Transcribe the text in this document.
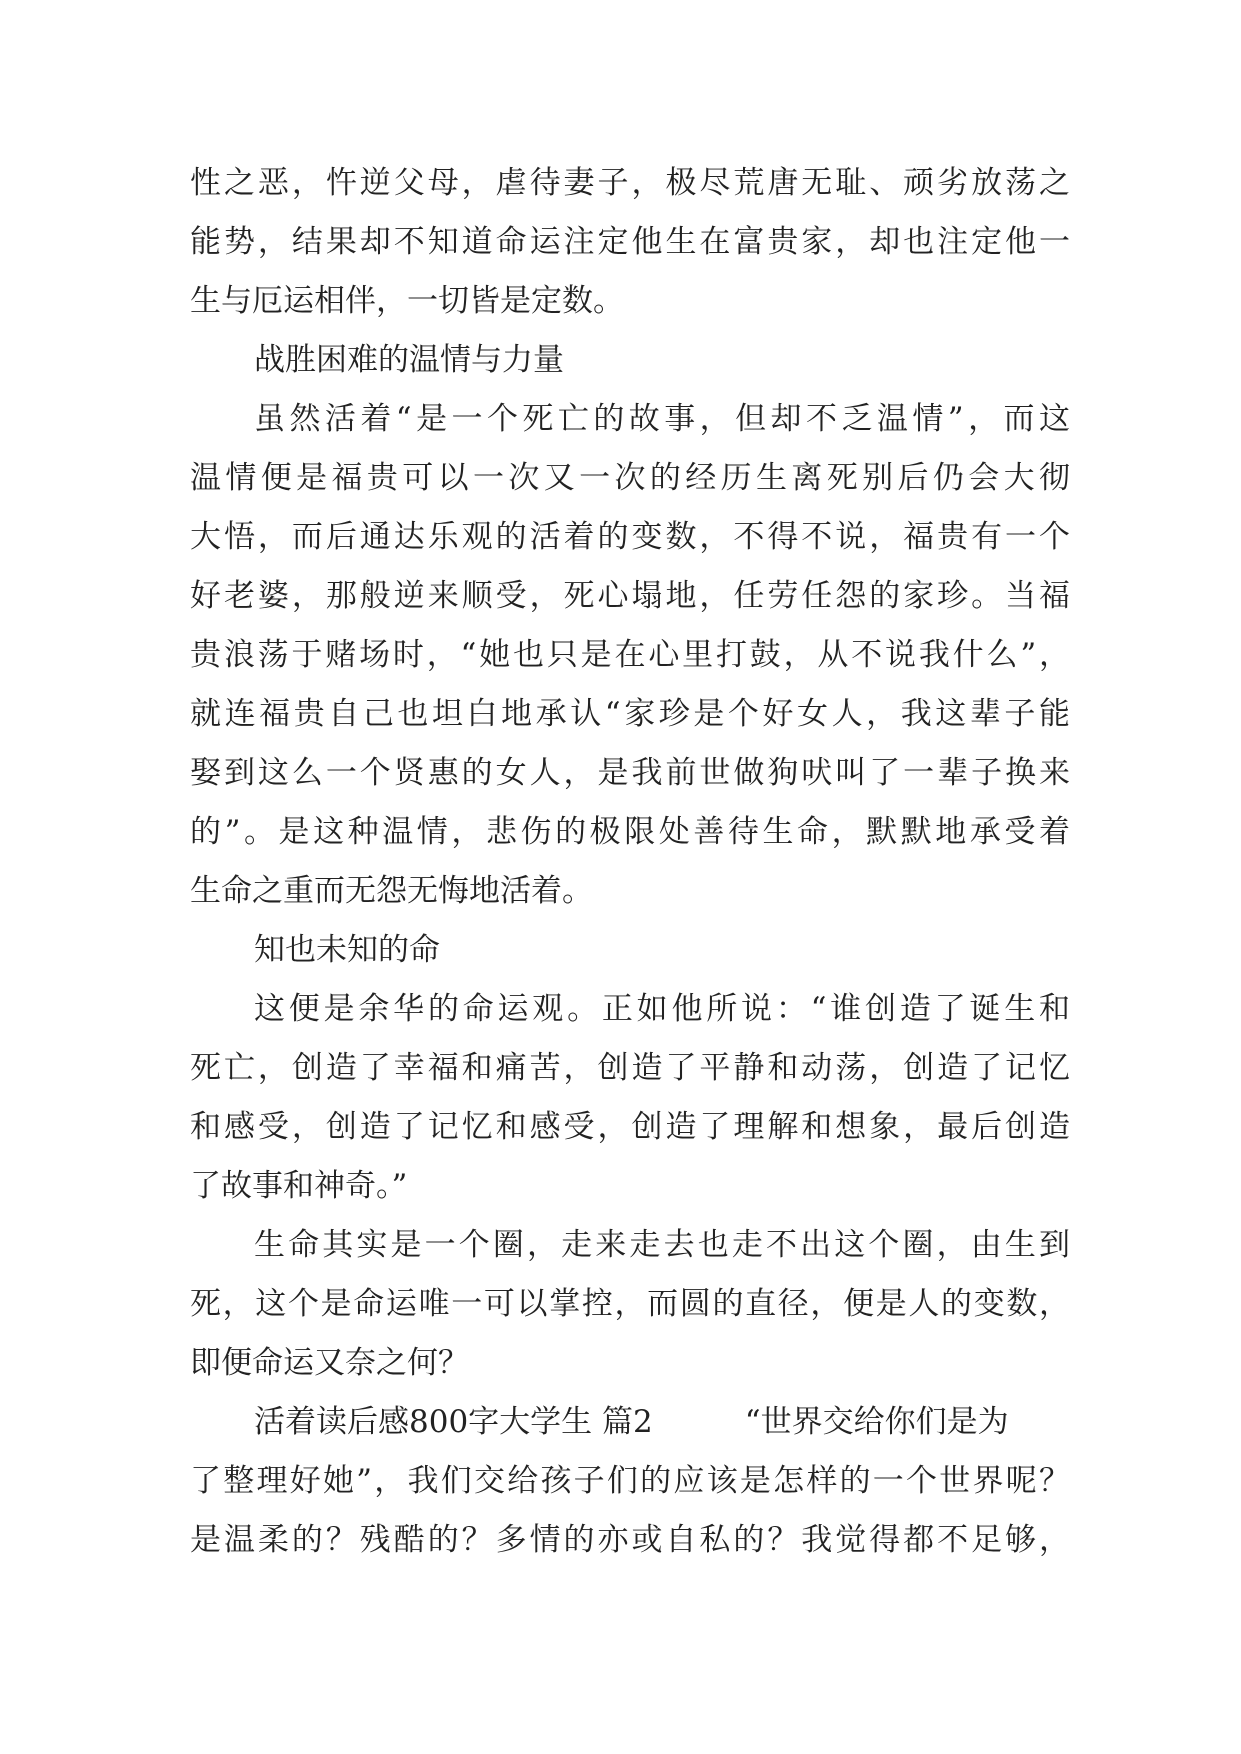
性之恶，忤逆父母，虐待妻子，极尽荒唐无耻、顽劣放荡之
能势，结果却不知道命运注定他生在富贵家，却也注定他一
生与厄运相伴，一切皆是定数。
战胜困难的温情与力量
虽然活着“是一个死亡的故事，但却不乏温情”，而这
温情便是福贵可以一次又一次的经历生离死别后仍会大彻
大悟，而后通达乐观的活着的变数，不得不说，福贵有一个
好老婆，那般逆来顺受，死心塌地，任劳任怨的家珍。当福
贵浪荡于赌场时，“她也只是在心里打鼓，从不说我什么”，
就连福贵自己也坦白地承认“家珍是个好女人，我这辈子能
娶到这么一个贤惠的女人，是我前世做狗吠叫了一辈子换来
的”。是这种温情，悲伤的极限处善待生命，默默地承受着
生命之重而无怨无悔地活着。
知也未知的命
这便是余华的命运观。正如他所说：“谁创造了诞生和
死亡，创造了幸福和痛苦，创造了平静和动荡，创造了记忆
和感受，创造了记忆和感受，创造了理解和想象，最后创造
了故事和神奇。”
生命其实是一个圈，走来走去也走不出这个圈，由生到
死，这个是命运唯一可以掌控，而圆的直径，便是人的变数，
即便命运又奈之何？
活着读后感800字大学生 篇2	“世界交给你们是为
了整理好她”，我们交给孩子们的应该是怎样的一个世界呢？
是温柔的？残酷的？多情的亦或自私的？我觉得都不足够，
